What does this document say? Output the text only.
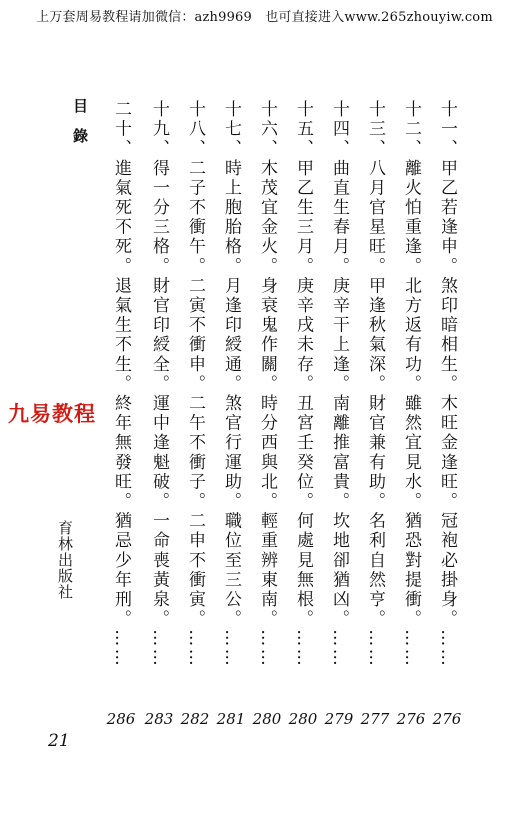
上万套周易教程请加微信：azh9969　也可直接进入www.265zhouyiw.com
目　錄
九易教程
育林出版社	十一、甲乙若逢申。煞印暗相生。木旺金逢旺。冠袍必掛身。……
276
十二、離火怕重逢。北方返有功。雖然宜見水。猶恐對提衝。……
276
十三、八月官星旺。甲逢秋氣深。財官兼有助。名利自然亨。……
277
十四、曲直生春月。庚辛干上逢。南離推富貴。坎地卻猶凶。……
279
十五、甲乙生三月。庚辛戌未存。丑宮壬癸位。何處見無根。……
280
十六、木茂宜金火。身衰鬼作關。時分西與北。輕重辨東南。……
280
十七、時上胞胎格。月逢印綬通。煞官行運助。職位至三公。……
281
十八、二子不衝午。二寅不衝申。二午不衝子。二申不衝寅。……
282
十九、得一分三格。財官印綬全。運中逢魁破。一命喪黃泉。……
283
二十、進氣死不死。退氣生不生。終年無發旺。猶忌少年刑。……
286
21
